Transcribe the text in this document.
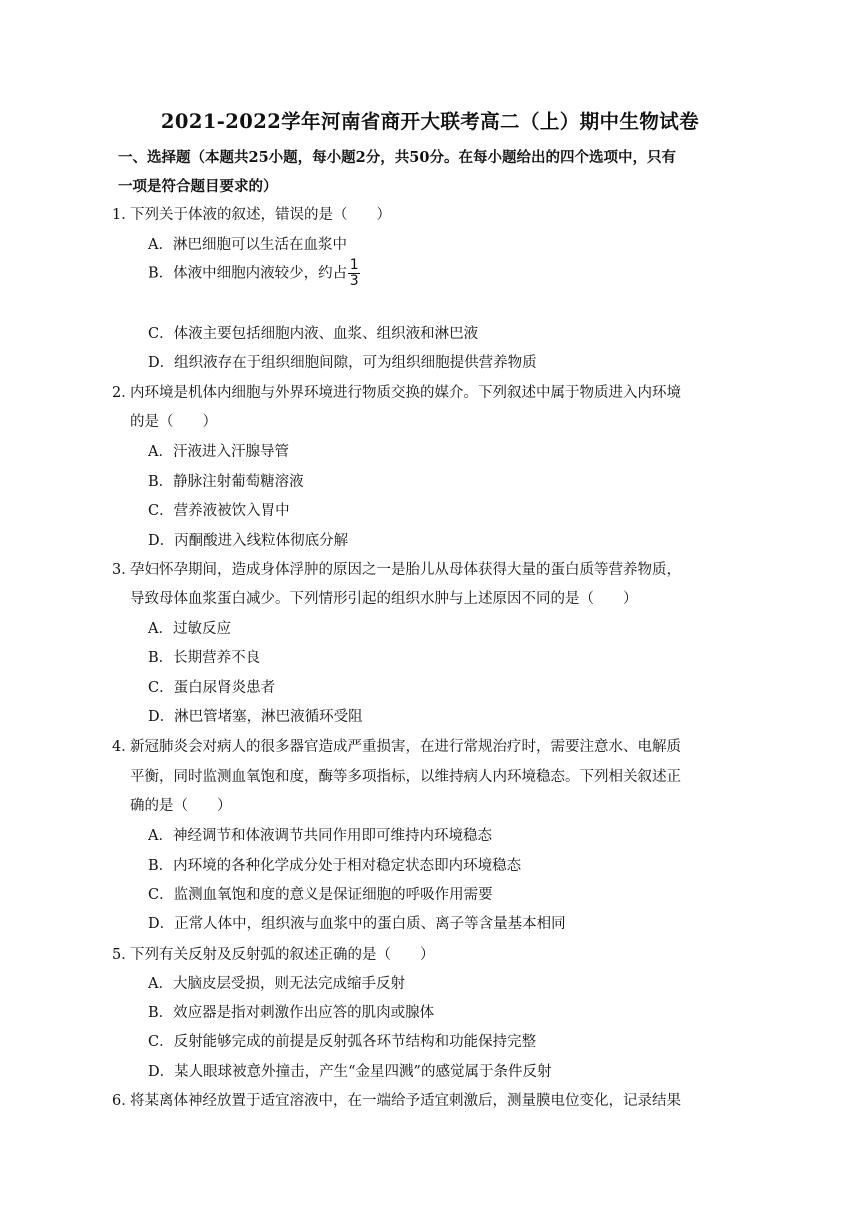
2021-2022学年河南省商开大联考高二（上）期中生物试卷
一、选择题（本题共25小题，每小题2分，共50分。在每小题给出的四个选项中，只有
一项是符合题目要求的）
1．
下列关于体液的叙述，错误的是（　　）
A．淋巴细胞可以生活在血浆中
B．体液中细胞内液较少，约占 $\frac{1}{3}$
C．体液主要包括细胞内液、血浆、组织液和淋巴液
D．组织液存在于组织细胞间隙，可为组织细胞提供营养物质
2．
内环境是机体内细胞与外界环境进行物质交换的媒介。下列叙述中属于物质进入内环境
的是（　　）
A．汗液进入汗腺导管
B．静脉注射葡萄糖溶液
C．营养液被饮入胃中
D．丙酮酸进入线粒体彻底分解
3．
孕妇怀孕期间，造成身体浮肿的原因之一是胎儿从母体获得大量的蛋白质等营养物质，
导致母体血浆蛋白减少。下列情形引起的组织水肿与上述原因不同的是（　　）
A．过敏反应
B．长期营养不良
C．蛋白尿肾炎患者
D．淋巴管堵塞，淋巴液循环受阻
4．
新冠肺炎会对病人的很多器官造成严重损害，在进行常规治疗时，需要注意水、电解质
平衡，同时监测血氧饱和度，酶等多项指标，以维持病人内环境稳态。下列相关叙述正
确的是（　　）
A．神经调节和体液调节共同作用即可维持内环境稳态
B．内环境的各种化学成分处于相对稳定状态即内环境稳态
C．监测血氧饱和度的意义是保证细胞的呼吸作用需要
D．正常人体中，组织液与血浆中的蛋白质、离子等含量基本相同
5．
下列有关反射及反射弧的叙述正确的是（　　）
A．大脑皮层受损，则无法完成缩手反射
B．效应器是指对刺激作出应答的肌肉或腺体
C．反射能够完成的前提是反射弧各环节结构和功能保持完整
D．某人眼球被意外撞击，产生“金星四溅”的感觉属于条件反射
6．
将某离体神经放置于适宜溶液中，在一端给予适宜刺激后，测量膜电位变化，记录结果
